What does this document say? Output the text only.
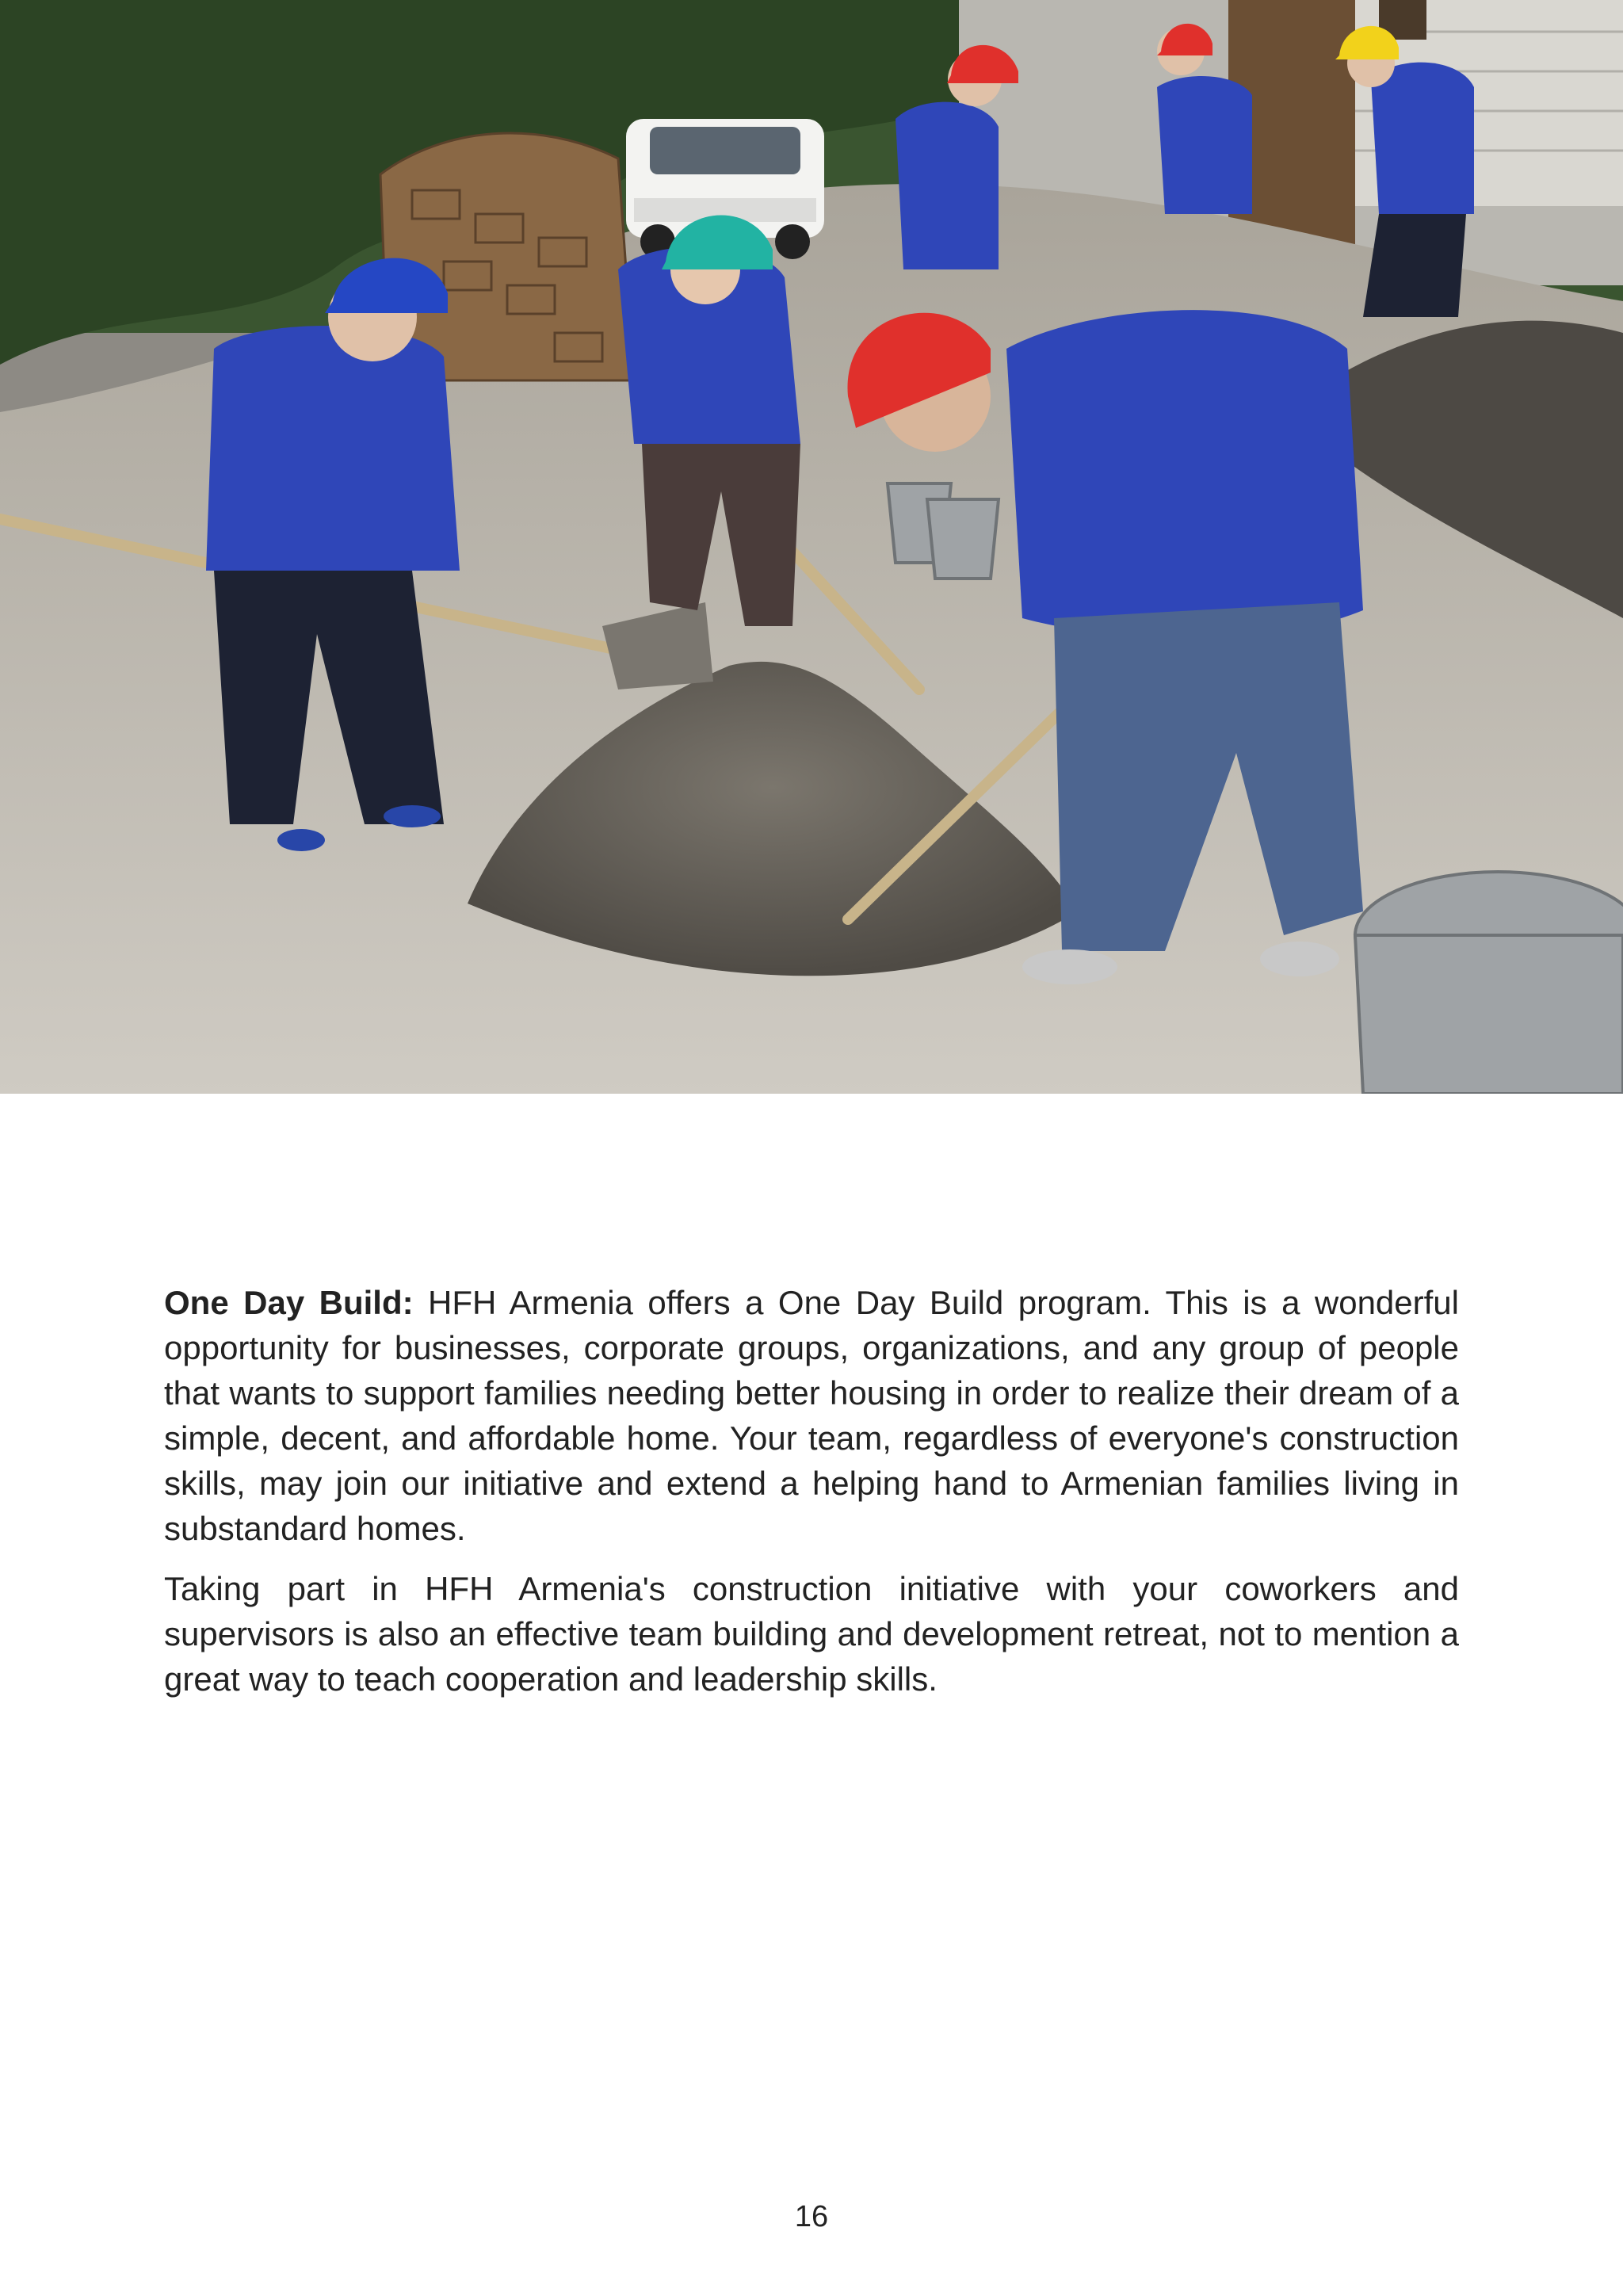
One Day Build: HFH Armenia offers a One Day Build program. This is a wonderful opportunity for businesses, corporate groups, organizations, and any group of people that wants to support families needing better housing in order to realize their dream of a simple, decent, and affordable home. Your team, regardless of everyone's construction skills, may join our initiative and extend a helping hand to Armenian families living in substandard homes.

Taking part in HFH Armenia's construction initiative with your coworkers and supervisors is also an effective team building and development retreat, not to mention a great way to teach cooperation and leadership skills.

16
